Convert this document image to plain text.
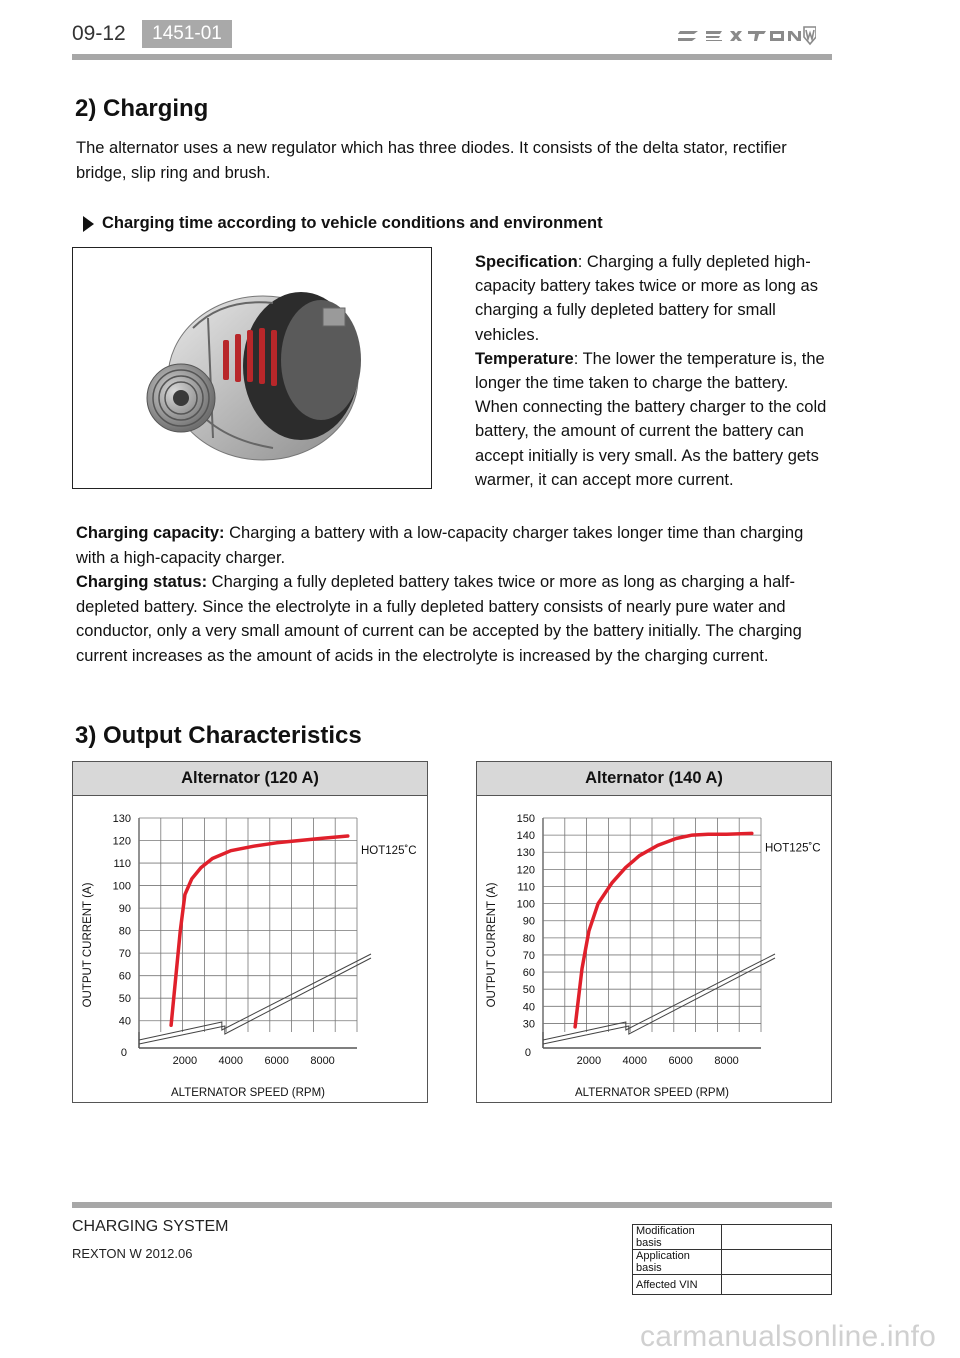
09-12	1451-01
2) Charging
The alternator uses a new regulator which has three diodes. It consists of the delta stator, rectifier bridge, slip ring and brush.
Charging time according to vehicle conditions and environment
Specification: Charging a fully depleted high-capacity battery takes twice or more as long as charging a fully depleted battery for small vehicles.
Temperature: The lower the temperature is, the longer the time taken to charge the battery. When connecting the battery charger to the cold battery, the amount of current the battery can accept initially is very small. As the battery gets warmer, it can accept more current.
Charging capacity: Charging a battery with a low-capacity charger takes longer time than charging with a high-capacity charger.
Charging status: Charging a fully depleted battery takes twice or more as long as charging a half-depleted battery. Since the electrolyte in a fully depleted battery consists of nearly pure water and conductor, only a very small amount of current can be accepted by the battery initially. The charging current increases as the amount of acids in the electrolyte is increased by the charging current.
3) Output Characteristics
Alternator (120 A)
40
50
60
70
80
90
100
110
120
130
0
2000 4000 6000 8000
ALTERNATOR SPEED (RPM)
OUTPUT CURRENT (A)
HOT125˚C
Alternator (140 A)
30
40
50
60
70
80
90
100
110
120
130
140
150
0
2000 4000 6000 8000
ALTERNATOR SPEED (RPM)
OUTPUT CURRENT (A)
HOT125˚C
CHARGING SYSTEM
REXTON W 2012.06
Modification basis	
Application basis	
Affected VIN	
carmanualsonline.info
